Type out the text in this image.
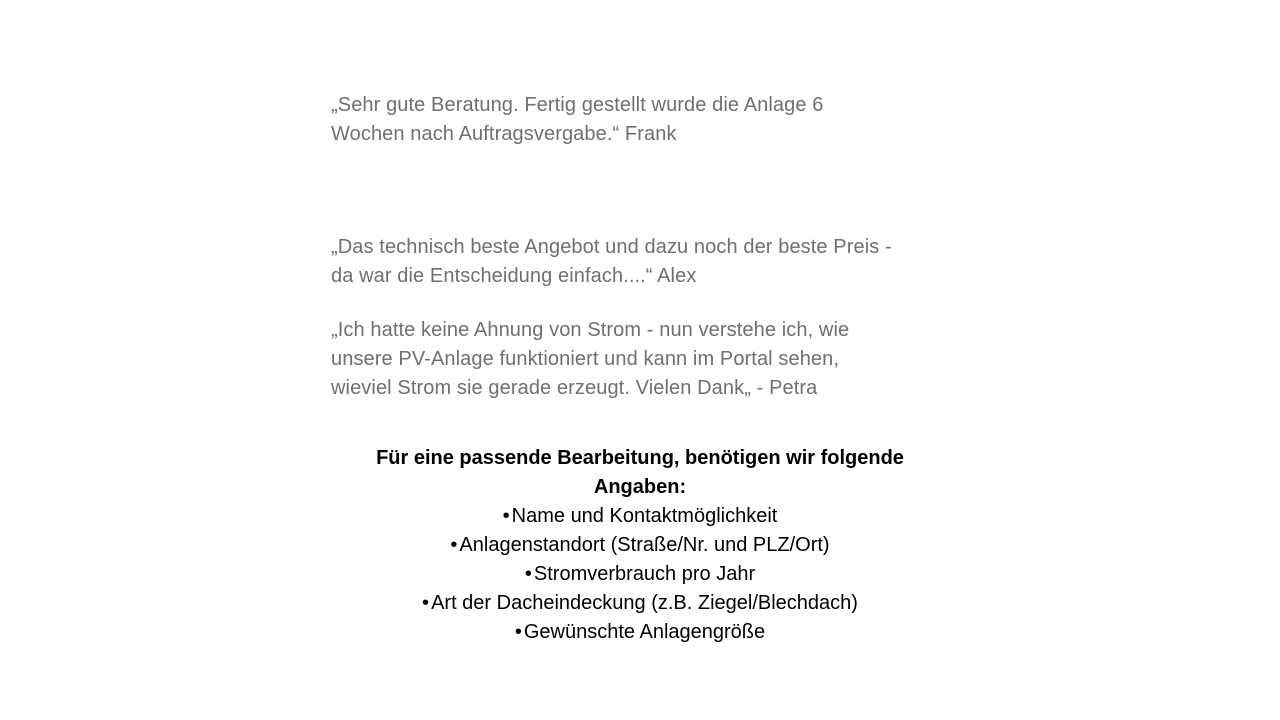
„Sehr gute Beratung. Fertig gestellt wurde die Anlage 6
Wochen nach Auftragsvergabe.“ Frank
„Das technisch beste Angebot und dazu noch der beste Preis -
da war die Entscheidung einfach....“ Alex
„Ich hatte keine Ahnung von Strom - nun verstehe ich, wie
unsere PV-Anlage funktioniert und kann im Portal sehen,
wieviel Strom sie gerade erzeugt. Vielen Dank„ - Petra
Für eine passende Bearbeitung, benötigen wir folgende
Angaben:
• Name und Kontaktmöglichkeit
• Anlagenstandort (Straße/Nr. und PLZ/Ort)
• Stromverbrauch pro Jahr
• Art der Dacheindeckung (z.B. Ziegel/Blechdach)
• Gewünschte Anlagengröße
